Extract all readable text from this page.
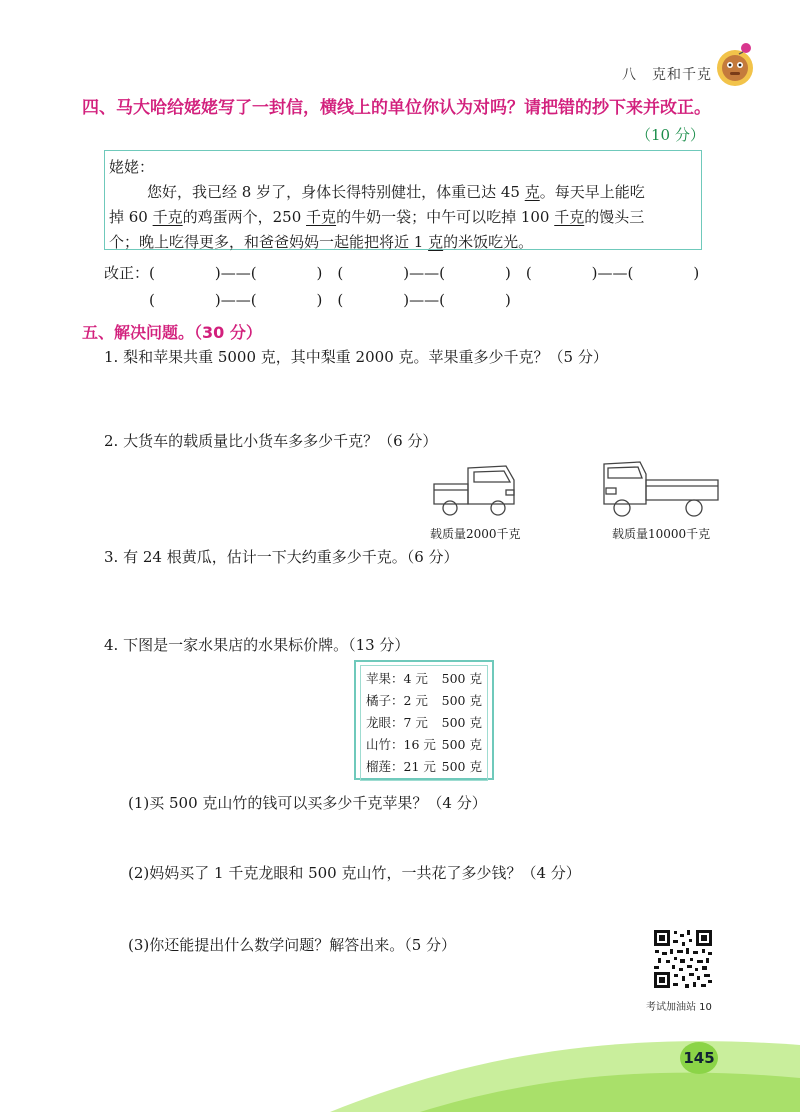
八　克和千克
四、马大哈给姥姥写了一封信，横线上的单位你认为对吗？请把错的抄下来并改正。
（10 分）
姥姥：

您好，我已经 8 岁了，身体长得特别健壮，体重已达 45 克。每天早上能吃
掉 60 千克的鸡蛋两个，250 千克的牛奶一袋；中午可以吃掉 100 千克的馒头三
个；晚上吃得更多，和爸爸妈妈一起能把将近 1 克的米饭吃光。
改正：(　　　　)——(　　　　)　(　　　　)——(　　　　)　(　　　　)——(　　　　)
　　　(　　　　)——(　　　　)　(　　　　)——(　　　　)
五、解决问题。（30 分）
1. 梨和苹果共重 5000 克，其中梨重 2000 克。苹果重多少千克？（5 分）
2. 大货车的载质量比小货车多多少千克？（6 分）
载质量2000千克	载质量10000千克
3. 有 24 根黄瓜，估计一下大约重多少千克。（6 分）
4. 下图是一家水果店的水果标价牌。（13 分）
苹果：4 元 500 克
橘子：2 元 500 克
龙眼：7 元 500 克
山竹：16 元 500 克
榴莲：21 元 500 克
(1)买 500 克山竹的钱可以买多少千克苹果？（4 分）
(2)妈妈买了 1 千克龙眼和 500 克山竹，一共花了多少钱？（4 分）
(3)你还能提出什么数学问题？解答出来。（5 分）
考试加油站 10
145
